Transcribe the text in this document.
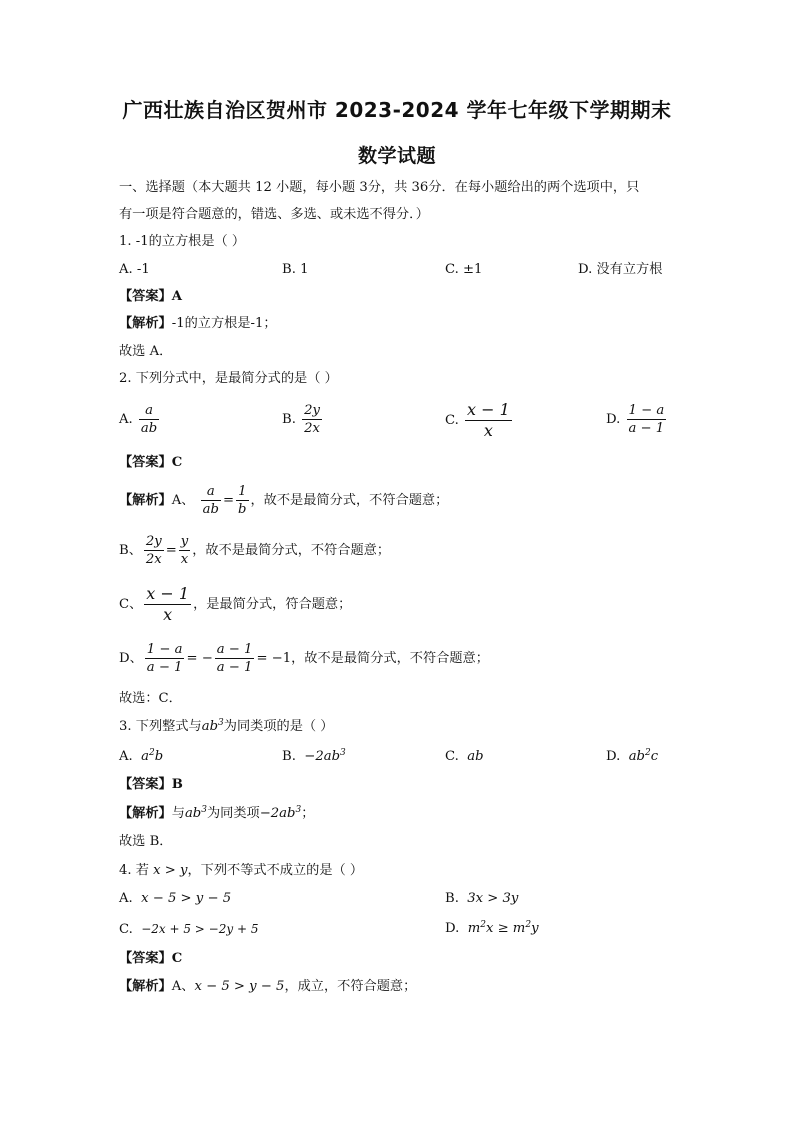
广西壮族自治区贺州市 2023-2024 学年七年级下学期期末
数学试题
一、选择题（本大题共 12 小题，每小题 3分，共 36分．在每小题给出的两个选项中，只
有一项是符合题意的，错选、多选、或未选不得分．）
1. -1的立方根是（ ）
A. -1	B. 1	C. ±1	D. 没有立方根
【答案】A
【解析】-1的立方根是-1；
故选 A．
2. 下列分式中，是最简分式的是（ ）
A. $\frac{a}{ab}$	B. $\frac{2y}{2x}$	C. $\frac{x - 1}{x}$	D. $\frac{1 - a}{a - 1}$
【答案】C
【解析】A、 $\frac{a}{ab} = \frac{1}{b}$ ，故不是最简分式，不符合题意；
B、 $\frac{2y}{2x} = \frac{y}{x}$ ，故不是最简分式，不符合题意；
C、 $\frac{x - 1}{x}$ ，是最简分式，符合题意；
D、 $\frac{1 - a}{a - 1}$ = − $\frac{a - 1}{a - 1} = -1$，故不是最简分式，不符合题意；
故选：C．
3. 下列整式与$ab^3$为同类项的是（ ）
A. $a^2b$	B. $-2ab^3$	C. ab	D. $ab^2c$
【答案】B
【解析】与$ab^3$为同类项$-2ab^3$；
故选 B．
4. 若 x > y，下列不等式不成立的是（ ）
A. x − 5 > y − 5	B. 3x > 3y
C. −2x + 5 > −2y + 5	D. $m^2x \ge m^2y$
【答案】C
【解析】A、x − 5 > y − 5，成立，不符合题意；
